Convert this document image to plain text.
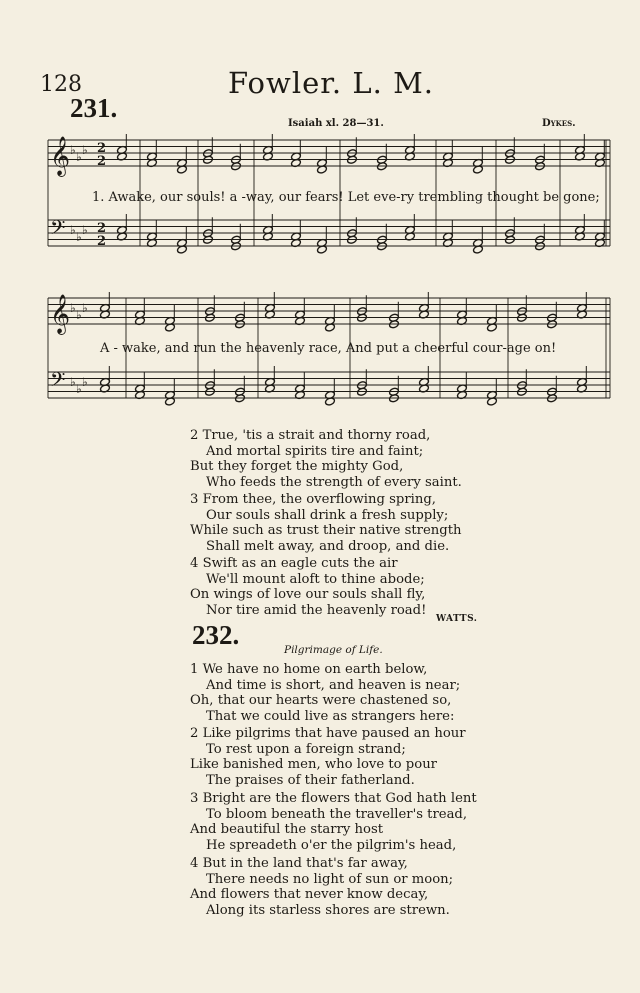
128	Fowler. L. M.
231.
Isaiah xl. 28—31.	Dykes.
𝄞 ♭ ♭ ♭
𝄢 ♭ ♭ ♭
𝄞 ♭ ♭ ♭
𝄢 ♭ ♭ ♭
2
2
2
2
1. Awake, our souls! a -way, our fears! Let eve-ry trembling thought be gone;
A - wake, and run the heavenly race, And put a cheerful cour-age on!
2 True, 'tis a strait and thorny road,
And mortal spirits tire and faint;
But they forget the mighty God,
Who feeds the strength of every saint.
3 From thee, the overflowing spring,
Our souls shall drink a fresh supply;
While such as trust their native strength
Shall melt away, and droop, and die.
4 Swift as an eagle cuts the air
We'll mount aloft to thine abode;
On wings of love our souls shall fly,
Nor tire amid the heavenly road!
WATTS.
232.	Pilgrimage of Life.
1 We have no home on earth below,
And time is short, and heaven is near;
Oh, that our hearts were chastened so,
That we could live as strangers here:
2 Like pilgrims that have paused an hour
To rest upon a foreign strand;
Like banished men, who love to pour
The praises of their fatherland.
3 Bright are the flowers that God hath lent
To bloom beneath the traveller's tread,
And beautiful the starry host
He spreadeth o'er the pilgrim's head,
4 But in the land that's far away,
There needs no light of sun or moon;
And flowers that never know decay,
Along its starless shores are strewn.
